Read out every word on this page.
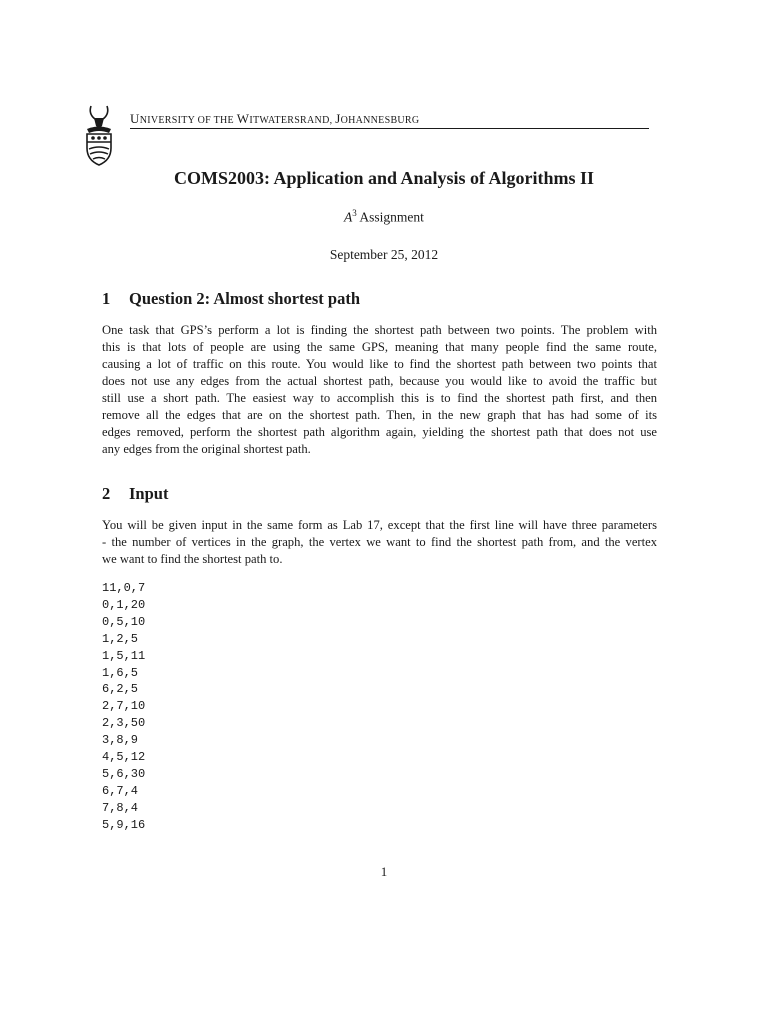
UNIVERSITY OF THE WITWATERSRAND, JOHANNESBURG
COMS2003: Application and Analysis of Algorithms II
$A^3$ Assignment
September 25, 2012
1 Question 2: Almost shortest path
One task that GPS’s perform a lot is finding the shortest path between two points. The problem with
this is that lots of people are using the same GPS, meaning that many people find the same route,
causing a lot of traffic on this route. You would like to find the shortest path between two points that
does not use any edges from the actual shortest path, because you would like to avoid the traffic but
still use a short path. The easiest way to accomplish this is to find the shortest path first, and then
remove all the edges that are on the shortest path. Then, in the new graph that has had some of its
edges removed, perform the shortest path algorithm again, yielding the shortest path that does not use
any edges from the original shortest path.
2 Input
You will be given input in the same form as Lab 17, except that the first line will have three parameters
- the number of vertices in the graph, the vertex we want to find the shortest path from, and the vertex
we want to find the shortest path to.
11,0,7
0,1,20
0,5,10
1,2,5
1,5,11
1,6,5
6,2,5
2,7,10
2,3,50
3,8,9
4,5,12
5,6,30
6,7,4
7,8,4
5,9,16
1
